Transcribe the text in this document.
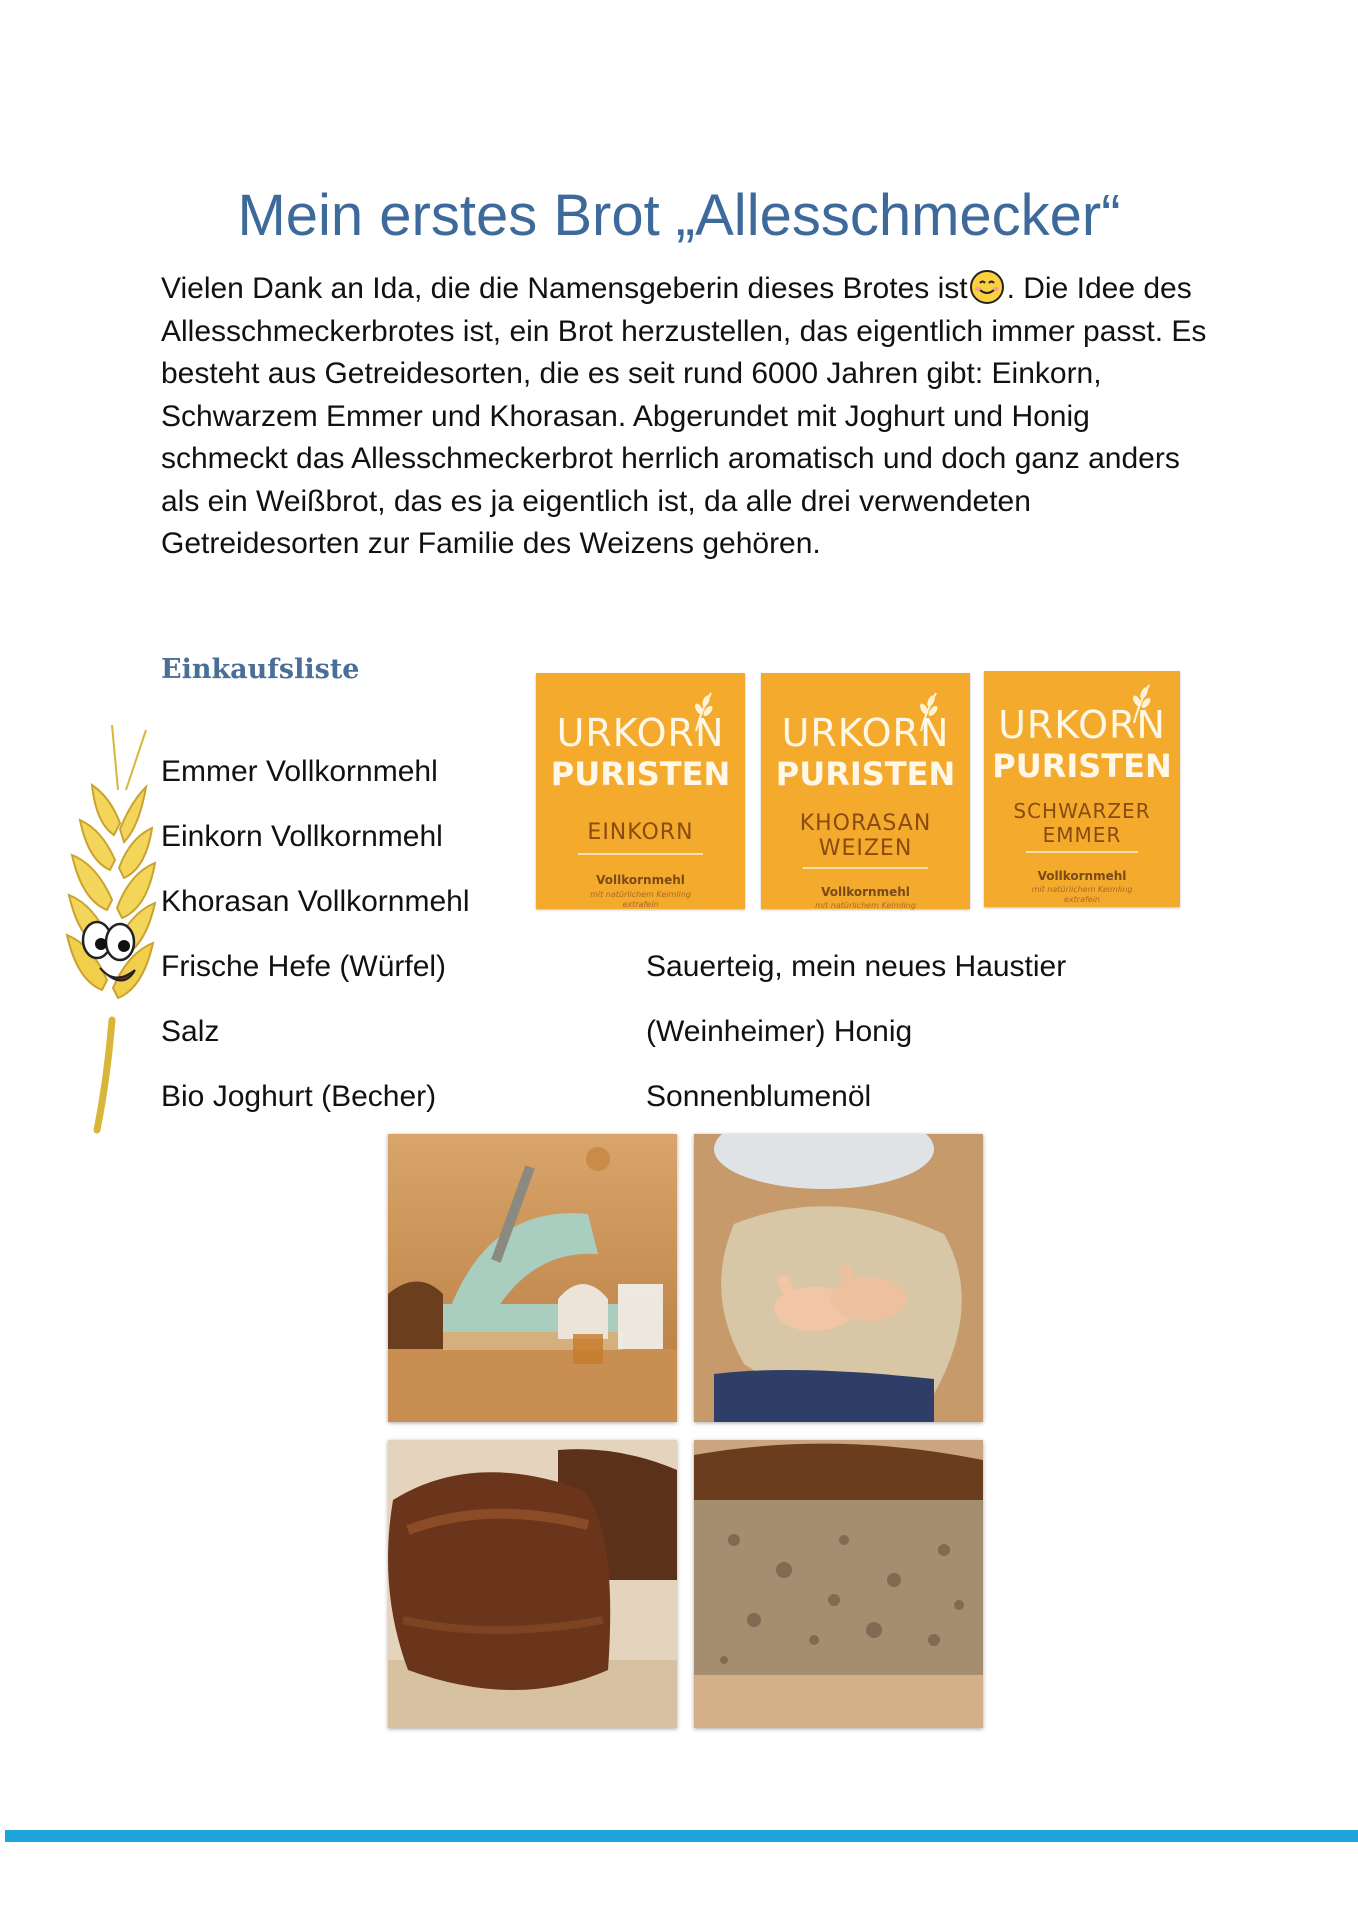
Mein erstes Brot „Allesschmecker“

Vielen Dank an Ida, die die Namensgeberin dieses Brotes ist . Die Idee des Allesschmeckerbrotes ist, ein Brot herzustellen, das eigentlich immer passt. Es besteht aus Getreidesorten, die es seit rund 6000 Jahren gibt: Einkorn, Schwarzem Emmer und Khorasan. Abgerundet mit Joghurt und Honig schmeckt das Allesschmeckerbrot herrlich aromatisch und doch ganz anders als ein Weißbrot, das es ja eigentlich ist, da alle drei verwendeten Getreidesorten zur Familie des Weizens gehören.

Einkaufsliste
Emmer Vollkornmehl
Einkorn Vollkornmehl
Khorasan Vollkornmehl
Frische Hefe (Würfel)
Salz
Bio Joghurt (Becher)
Sauerteig, mein neues Haustier
(Weinheimer) Honig
Sonnenblumenöl
URKORN
PURISTEN
EINKORN
Vollkornmehl
mit natürlichem Keimling
extrafein
URKORN
PURISTEN
KHORASAN
WEIZEN
Vollkornmehl
mit natürlichem Keimling
URKORN
PURISTEN
SCHWARZER
EMMER
Vollkornmehl
mit natürlichem Keimling
extrafein
